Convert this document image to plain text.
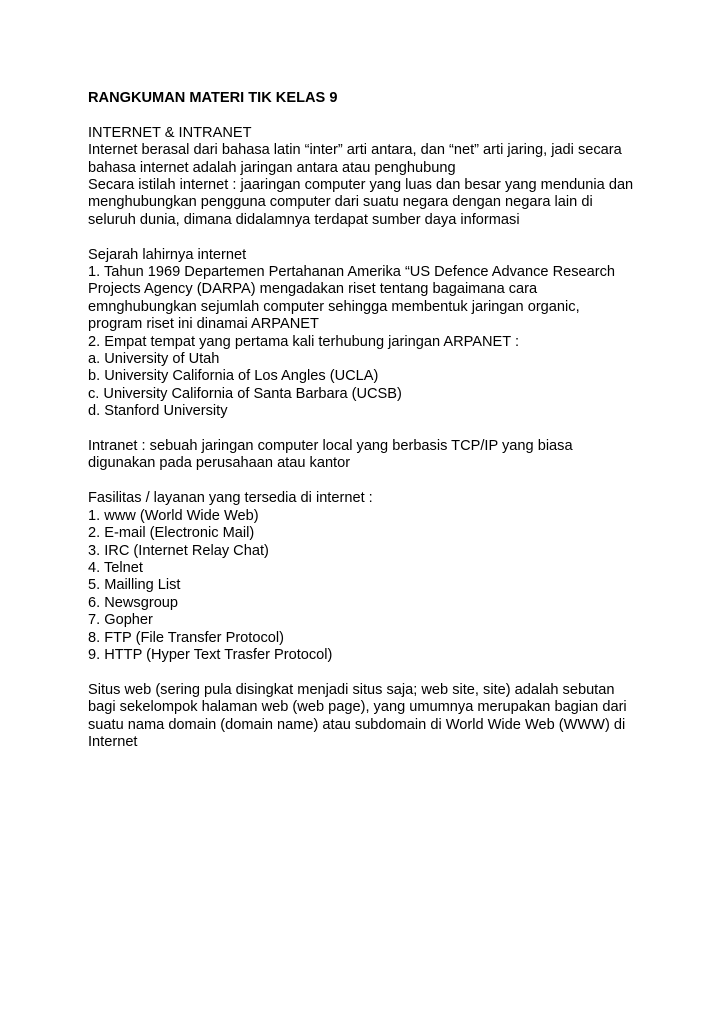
RANGKUMAN MATERI TIK KELAS 9

INTERNET & INTRANET

Internet berasal dari bahasa latin “inter” arti antara, dan “net” arti jaring, jadi secara

bahasa internet adalah jaringan antara atau penghubung

Secara istilah internet : jaaringan computer yang luas dan besar yang mendunia dan

menghubungkan pengguna computer dari suatu negara dengan negara lain di

seluruh dunia, dimana didalamnya terdapat sumber daya informasi

Sejarah lahirnya internet

1. Tahun 1969 Departemen Pertahanan Amerika “US Defence Advance Research

Projects Agency (DARPA) mengadakan riset tentang bagaimana cara

emnghubungkan sejumlah computer sehingga membentuk jaringan organic,

program riset ini dinamai ARPANET

2. Empat tempat yang pertama kali terhubung jaringan ARPANET :

a. University of Utah

b. University California of Los Angles (UCLA)

c. University California of Santa Barbara (UCSB)

d. Stanford University

Intranet : sebuah jaringan computer local yang berbasis TCP/IP yang biasa

digunakan pada perusahaan atau kantor

Fasilitas / layanan yang tersedia di internet :

1. www (World Wide Web)

2. E-mail (Electronic Mail)

3. IRC (Internet Relay Chat)

4. Telnet

5. Mailling List

6. Newsgroup

7. Gopher

8. FTP (File Transfer Protocol)

9. HTTP (Hyper Text Trasfer Protocol)

Situs web (sering pula disingkat menjadi situs saja; web site, site) adalah sebutan

bagi sekelompok halaman web (web page), yang umumnya merupakan bagian dari

suatu nama domain (domain name) atau subdomain di World Wide Web (WWW) di

Internet
